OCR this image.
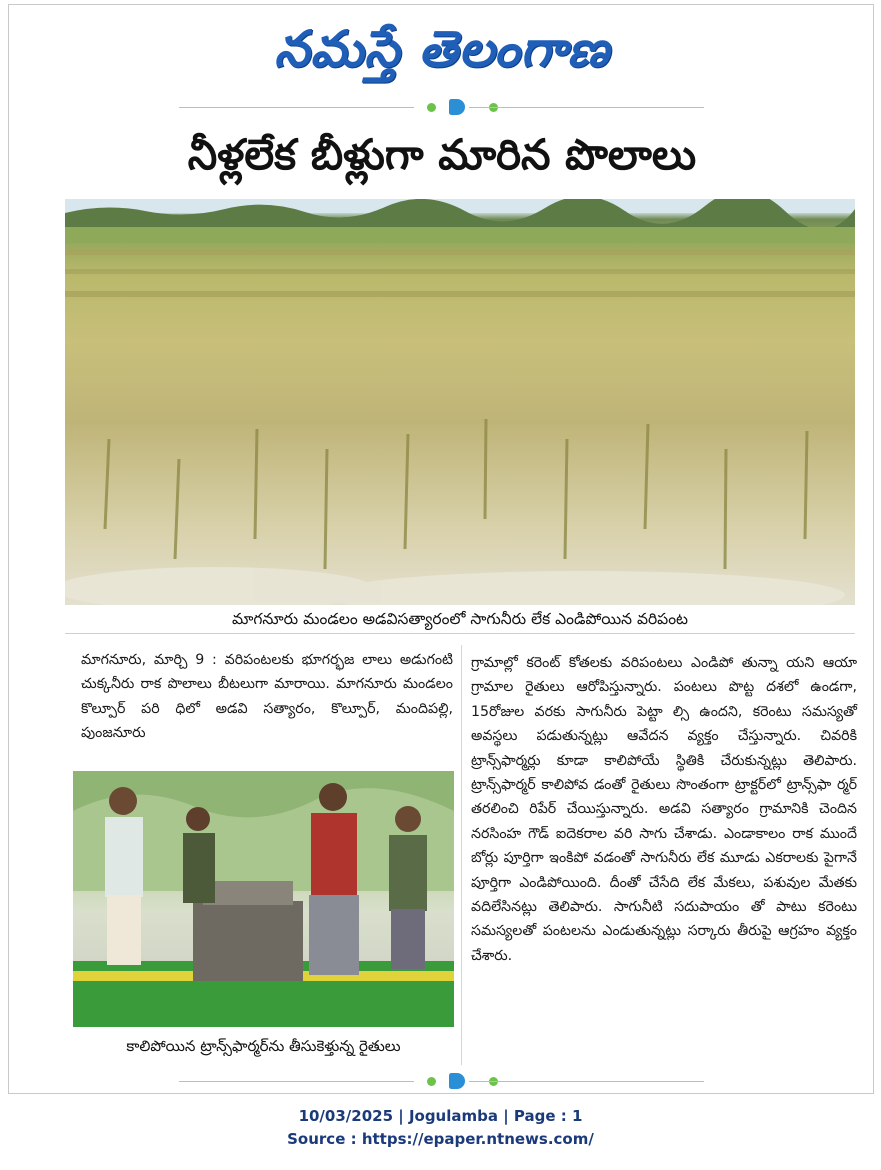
నమస్తే తెలంగాణ
నీళ్లలేక బీళ్లుగా మారిన పొలాలు
మాగనూరు మండలం అడవిసత్యారంలో సాగునీరు లేక ఎండిపోయిన వరిపంట
మాగనూరు, మార్చి 9 : వరిపంటలకు భూగర్భజ లాలు అడుగంటి చుక్కనీరు రాక పొలాలు బీటలుగా మారాయి. మాగనూరు మండలం కొల్పూర్ పరి ధిలో అడవి సత్యారం, కొల్పూర్, మందిపల్లి, పుంజనూరు
కాలిపోయిన ట్రాన్స్‌ఫార్మర్‌ను తీసుకెళ్తున్న రైతులు
గ్రామాల్లో కరెంట్ కోతలకు వరిపంటలు ఎండిపో తున్నా యని ఆయా గ్రామాల రైతులు ఆరోపిస్తున్నారు. పంటలు పొట్ట దశలో ఉండగా, 15రోజుల వరకు సాగునీరు పెట్టా ల్సి ఉందని, కరెంటు సమస్యతో అవస్థలు పడుతున్నట్లు ఆవేదన వ్యక్తం చేస్తున్నారు. చివరికి ట్రాన్స్‌ఫార్మర్లు కూడా కాలిపోయే స్థితికి చేరుకున్నట్లు తెలిపారు. ట్రాన్స్‌ఫార్మర్ కాలిపోవ డంతో రైతులు సొంతంగా ట్రాక్టర్‌లో ట్రాన్స్‌ఫా ర్మర్ తరలించి రిపేర్ చేయిస్తున్నారు. అడవి సత్యారం గ్రామానికి చెందిన నరసింహ గౌడ్ ఐదెకరాల వరి సాగు చేశాడు. ఎండాకాలం రాక ముందే బోర్లు పూర్తిగా ఇంకిపో వడంతో సాగునీరు లేక మూడు ఎకరాలకు పైగానే పూర్తిగా ఎండిపోయింది. దీంతో చేసేది లేక మేకలు, పశువుల మేతకు వదిలేసినట్లు తెలిపారు. సాగునీటి సదుపాయం తో పాటు కరెంటు సమస్యలతో పంటలను ఎండుతున్నట్లు సర్కారు తీరుపై ఆగ్రహం వ్యక్తం చేశారు.
10/03/2025 | Jogulamba | Page : 1
Source : https://epaper.ntnews.com/
